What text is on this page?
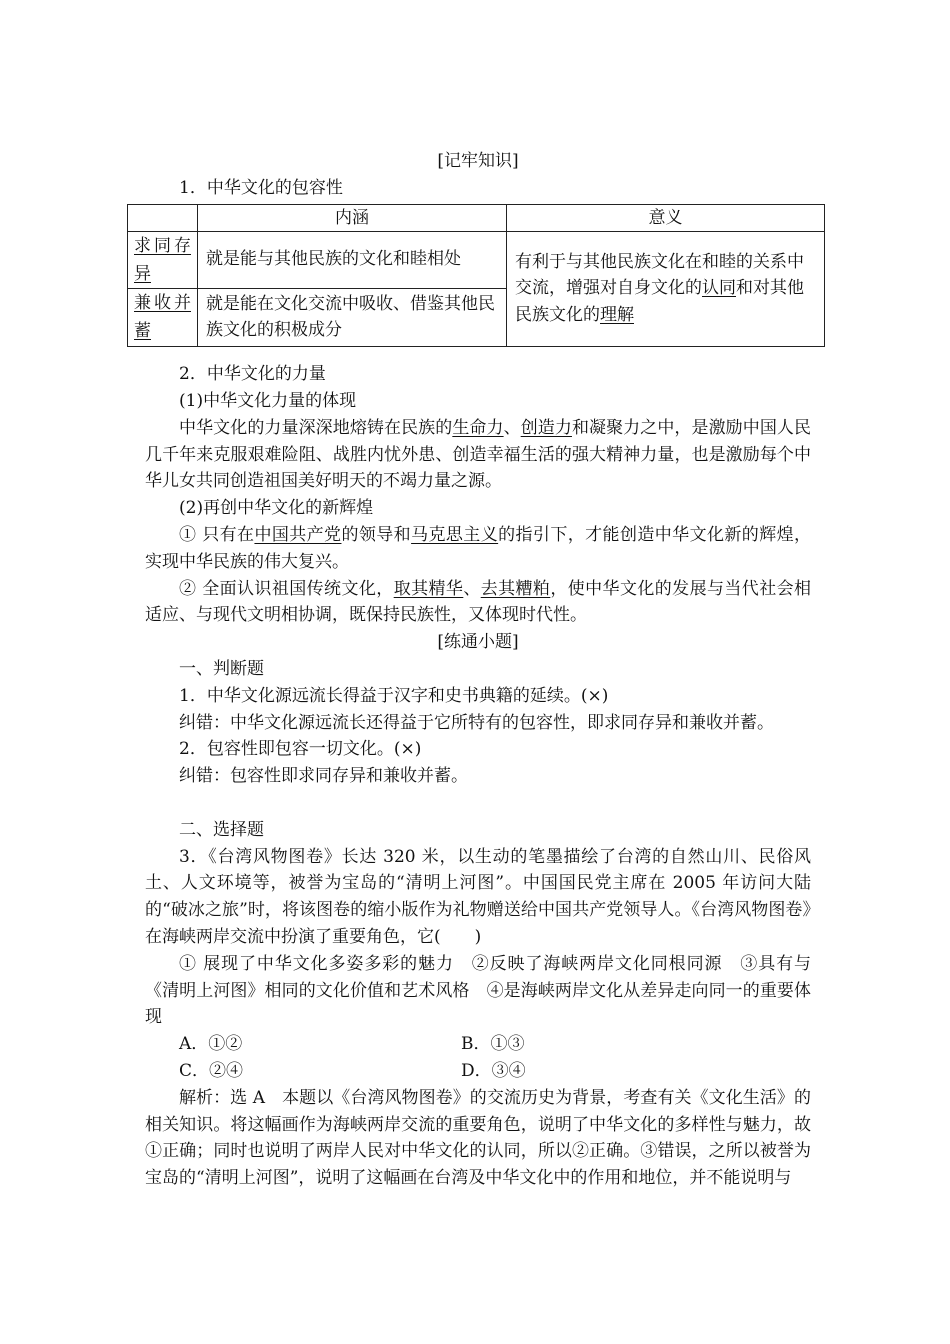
[记牢知识]
1．中华文化的包容性
	内涵	意义
求同存异	就是能与其他民族的文化和睦相处	有利于与其他民族文化在和睦的关系中交流，增强对自身文化的认同和对其他民族文化的理解
兼收并蓄	就是能在文化交流中吸收、借鉴其他民族文化的积极成分	
2．中华文化的力量
(1)中华文化力量的体现
中华文化的力量深深地熔铸在民族的生命力、创造力和凝聚力之中，是激励中国人民几千年来克服艰难险阻、战胜内忧外患、创造幸福生活的强大精神力量，也是激励每个中华儿女共同创造祖国美好明天的不竭力量之源。
(2)再创中华文化的新辉煌
① 只有在中国共产党的领导和马克思主义的指引下，才能创造中华文化新的辉煌，实现中华民族的伟大复兴。
② 全面认识祖国传统文化，取其精华、去其糟粕，使中华文化的发展与当代社会相适应、与现代文明相协调，既保持民族性，又体现时代性。
[练通小题]
一、判断题
1．中华文化源远流长得益于汉字和史书典籍的延续。(×)
纠错：中华文化源远流长还得益于它所特有的包容性，即求同存异和兼收并蓄。
2．包容性即包容一切文化。(×)
纠错：包容性即求同存异和兼收并蓄。
二、选择题
3．《台湾风物图卷》长达 320 米，以生动的笔墨描绘了台湾的自然山川、民俗风土、人文环境等，被誉为宝岛的“清明上河图”。中国国民党主席在 2005 年访问大陆的“破冰之旅”时，将该图卷的缩小版作为礼物赠送给中国共产党领导人。《台湾风物图卷》在海峡两岸交流中扮演了重要角色，它(　　)
① 展现了中华文化多姿多彩的魅力　②反映了海峡两岸文化同根同源　③具有与《清明上河图》相同的文化价值和艺术风格　④是海峡两岸文化从差异走向同一的重要体现
A．①②	B．①③
C．②④	D．③④
解析：选 A　本题以《台湾风物图卷》的交流历史为背景，考查有关《文化生活》的相关知识。将这幅画作为海峡两岸交流的重要角色，说明了中华文化的多样性与魅力，故①正确；同时也说明了两岸人民对中华文化的认同，所以②正确。③错误，之所以被誉为宝岛的“清明上河图”，说明了这幅画在台湾及中华文化中的作用和地位，并不能说明与
